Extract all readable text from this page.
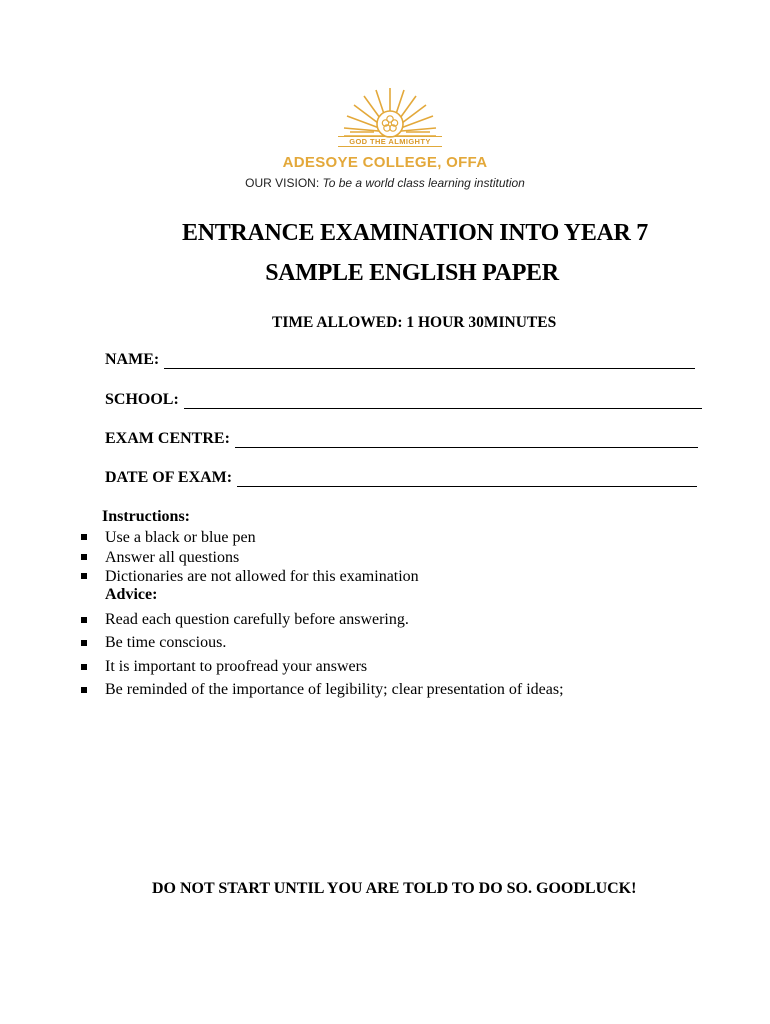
GOD THE ALMIGHTY
ADESOYE COLLEGE, OFFA
OUR VISION: To be a world class learning institution
ENTRANCE EXAMINATION INTO YEAR 7
SAMPLE ENGLISH PAPER
TIME ALLOWED: 1 HOUR 30MINUTES
NAME:
SCHOOL:
EXAM CENTRE:
DATE OF EXAM:
Instructions:
Use a black or blue pen
Answer all questions
Dictionaries are not allowed for this examination
Advice:
Read each question carefully before answering.
Be time conscious.
It is important to proofread your answers
Be reminded of the importance of legibility; clear presentation of ideas;
DO NOT START UNTIL YOU ARE TOLD TO DO SO. GOODLUCK!
